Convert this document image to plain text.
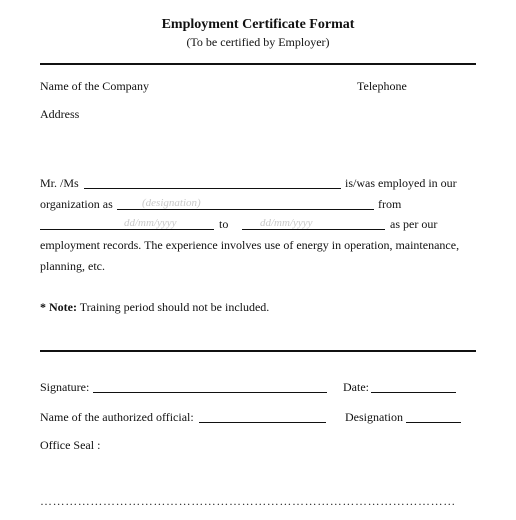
Employment Certificate Format
(To be certified by Employer)
Name of the Company	Telephone
Address
Mr. /Ms	is/was employed in our
organization as	(designation)	from
dd/mm/yyyy	to	dd/mm/yyyy	as per our
employment records. The experience involves use of energy in operation, maintenance,
planning, etc.
* Note: Training period should not be included.
Signature:	Date:
Name of the authorized official:	Designation
Office Seal :
………………………………………………………………………………………
